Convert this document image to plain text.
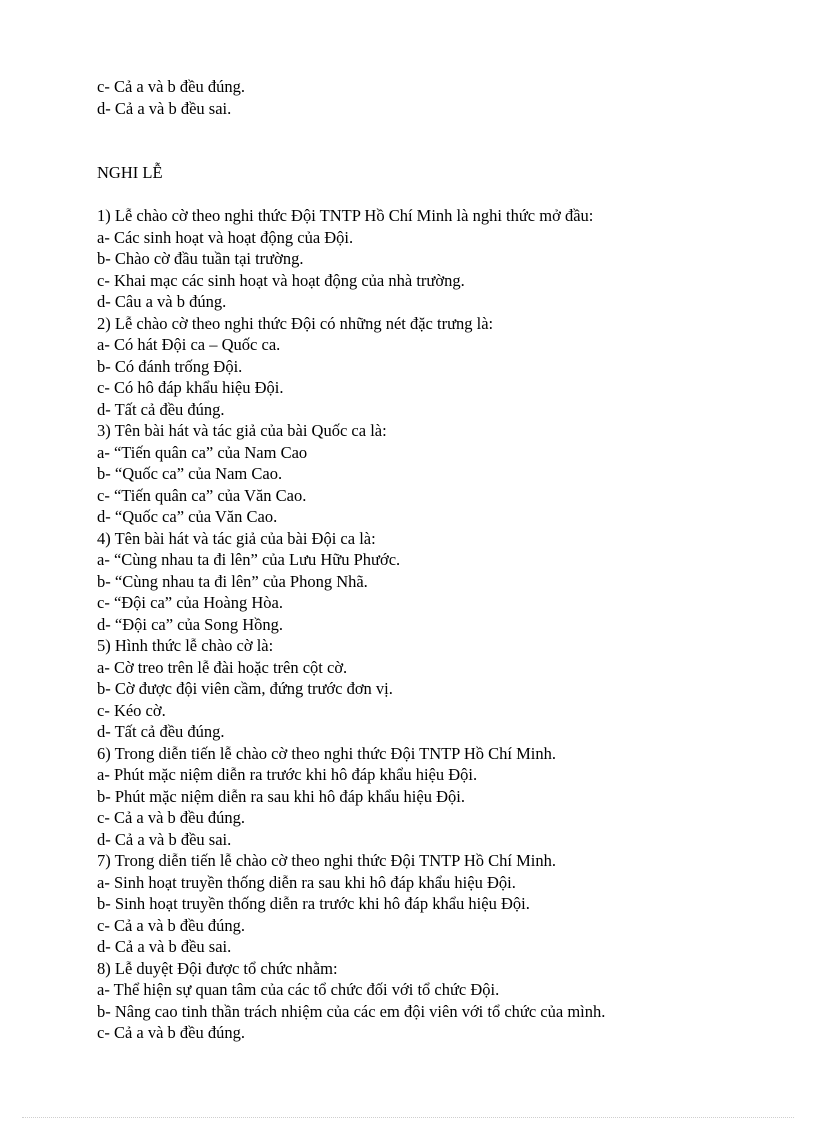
c- Cả a và b đều đúng.
d- Cả a và b đều sai.
NGHI LỄ
1) Lễ chào cờ theo nghi thức Đội TNTP Hồ Chí Minh là nghi thức mở đầu:
a- Các sinh hoạt và hoạt động của Đội.
b- Chào cờ đầu tuần tại trường.
c- Khai mạc các sinh hoạt và hoạt động của nhà trường.
d- Câu a và b đúng.
2) Lễ chào cờ theo nghi thức Đội có những nét đặc trưng là:
a- Có hát Đội ca – Quốc ca.
b- Có đánh trống Đội.
c- Có hô đáp khẩu hiệu Đội.
d- Tất cả đều đúng.
3) Tên bài hát và tác giả của bài Quốc ca là:
a- “Tiến quân ca” của Nam Cao
b- “Quốc ca” của Nam Cao.
c- “Tiến quân ca” của Văn Cao.
d- “Quốc ca” của Văn Cao.
4) Tên bài hát và tác giả của bài Đội ca là:
a- “Cùng nhau ta đi lên” của Lưu Hữu Phước.
b- “Cùng nhau ta đi lên” của Phong Nhã.
c- “Đội ca” của Hoàng Hòa.
d- “Đội ca” của Song Hồng.
5) Hình thức lễ chào cờ là:
a- Cờ treo trên lễ đài hoặc trên cột cờ.
b- Cờ được đội viên cầm, đứng trước đơn vị.
c- Kéo cờ.
d- Tất cả đều đúng.
6) Trong diễn tiến lễ chào cờ theo nghi thức Đội TNTP Hồ Chí Minh.
a- Phút mặc niệm diễn ra trước khi hô đáp khẩu hiệu Đội.
b- Phút mặc niệm diễn ra sau khi hô đáp khẩu hiệu Đội.
c- Cả a và b đều đúng.
d- Cả a và b đều sai.
7) Trong diễn tiến lễ chào cờ theo nghi thức Đội TNTP Hồ Chí Minh.
a- Sinh hoạt truyền thống diễn ra sau khi hô đáp khẩu hiệu Đội.
b- Sinh hoạt truyền thống diễn ra trước khi hô đáp khẩu hiệu Đội.
c- Cả a và b đều đúng.
d- Cả a và b đều sai.
8) Lễ duyệt Đội được tổ chức nhằm:
a- Thể hiện sự quan tâm của các tổ chức đối với tổ chức Đội.
b- Nâng cao tinh thần trách nhiệm của các em đội viên với tổ chức của mình.
c- Cả a và b đều đúng.
